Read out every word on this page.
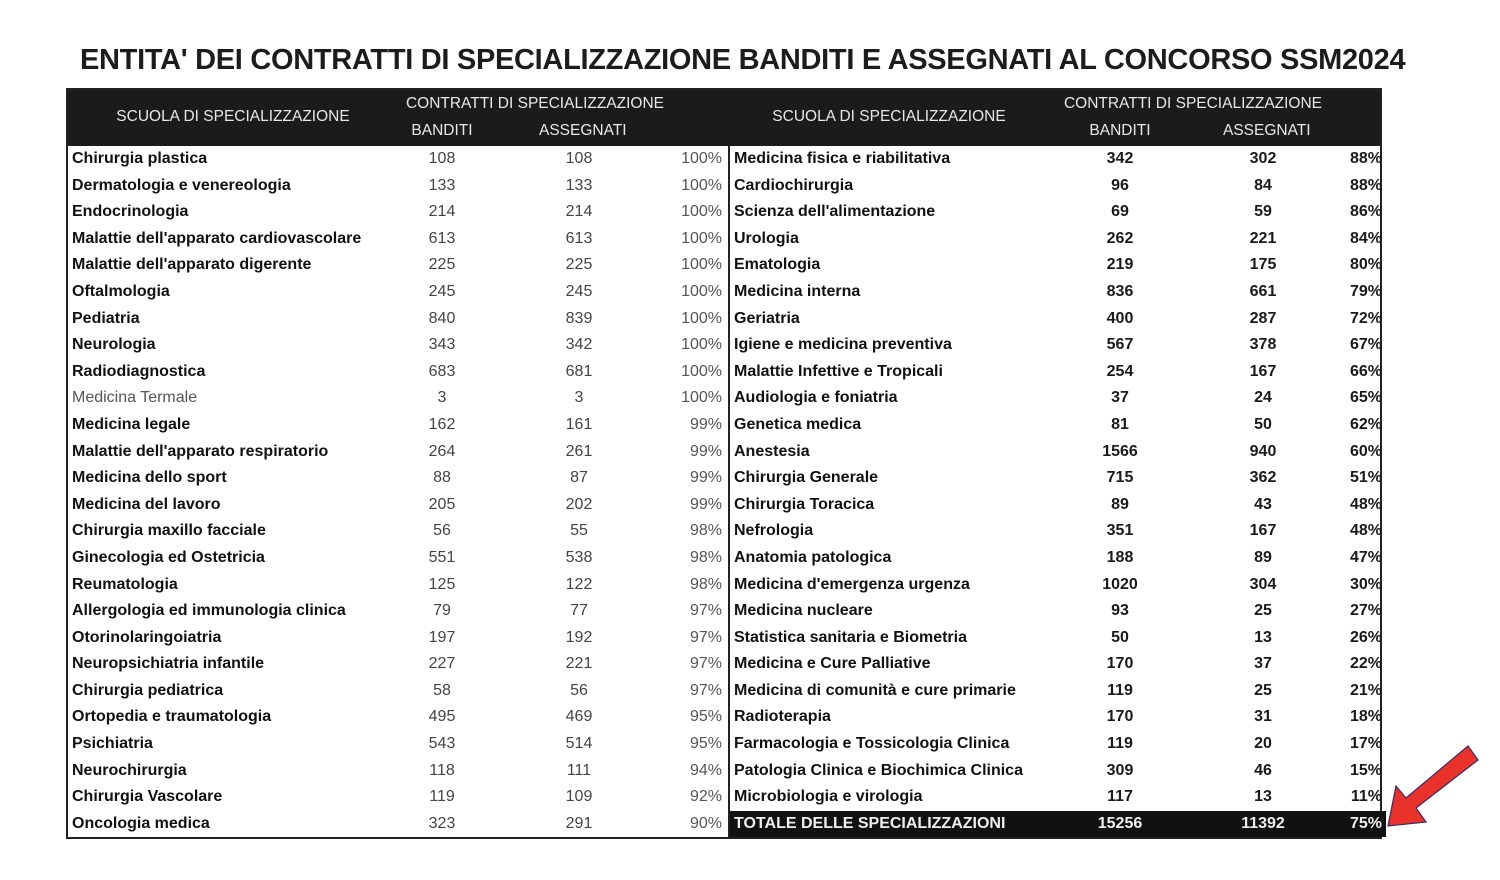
ENTITA' DEI CONTRATTI DI SPECIALIZZAZIONE BANDITI E ASSEGNATI AL CONCORSO SSM2024
SCUOLA DI SPECIALIZZAZIONE
CONTRATTI DI SPECIALIZZAZIONE
BANDITI	ASSEGNATI
SCUOLA DI SPECIALIZZAZIONE
CONTRATTI DI SPECIALIZZAZIONE
BANDITI	ASSEGNATI
Chirurgia plastica	108	108	100%
Dermatologia e venereologia	133	133	100%
Endocrinologia	214	214	100%
Malattie dell'apparato cardiovascolare	613	613	100%
Malattie dell'apparato digerente	225	225	100%
Oftalmologia	245	245	100%
Pediatria	840	839	100%
Neurologia	343	342	100%
Radiodiagnostica	683	681	100%
Medicina Termale	3	3	100%
Medicina legale	162	161	99%
Malattie dell'apparato respiratorio	264	261	99%
Medicina dello sport	88	87	99%
Medicina del lavoro	205	202	99%
Chirurgia maxillo facciale	56	55	98%
Ginecologia ed Ostetricia	551	538	98%
Reumatologia	125	122	98%
Allergologia ed immunologia clinica	79	77	97%
Otorinolaringoiatria	197	192	97%
Neuropsichiatria infantile	227	221	97%
Chirurgia pediatrica	58	56	97%
Ortopedia e traumatologia	495	469	95%
Psichiatria	543	514	95%
Neurochirurgia	118	111	94%
Chirurgia Vascolare	119	109	92%
Oncologia medica	323	291	90%
Medicina fisica e riabilitativa	342	302	88%
Cardiochirurgia	96	84	88%
Scienza dell'alimentazione	69	59	86%
Urologia	262	221	84%
Ematologia	219	175	80%
Medicina interna	836	661	79%
Geriatria	400	287	72%
Igiene e medicina preventiva	567	378	67%
Malattie Infettive e Tropicali	254	167	66%
Audiologia e foniatria	37	24	65%
Genetica medica	81	50	62%
Anestesia	1566	940	60%
Chirurgia Generale	715	362	51%
Chirurgia Toracica	89	43	48%
Nefrologia	351	167	48%
Anatomia patologica	188	89	47%
Medicina d'emergenza urgenza	1020	304	30%
Medicina nucleare	93	25	27%
Statistica sanitaria e Biometria	50	13	26%
Medicina e Cure Palliative	170	37	22%
Medicina di comunità e cure primarie	119	25	21%
Radioterapia	170	31	18%
Farmacologia e Tossicologia Clinica	119	20	17%
Patologia Clinica e Biochimica Clinica	309	46	15%
Microbiologia e virologia	117	13	11%
TOTALE DELLE SPECIALIZZAZIONI	15256	11392	75%
